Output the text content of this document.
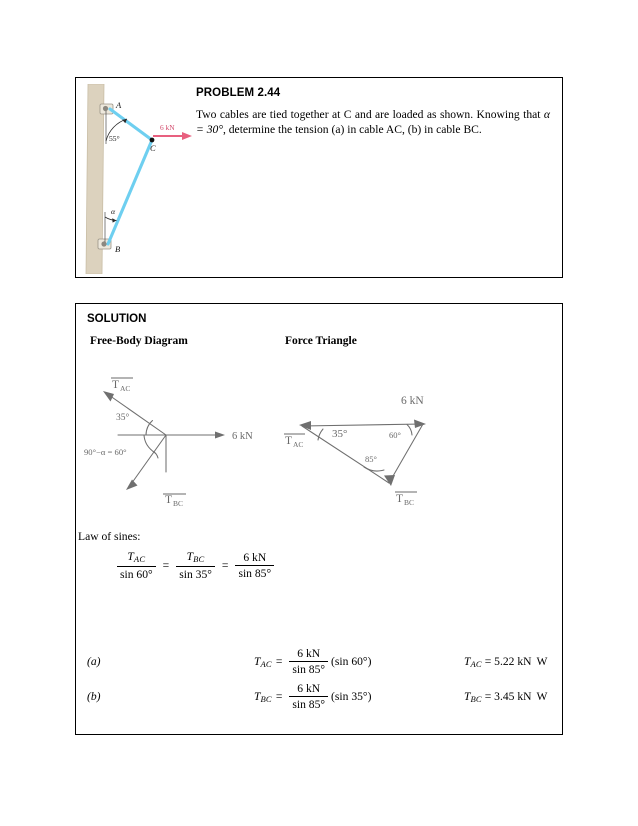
A
B
C
55°
α
6 kN
PROBLEM 2.44

Two cables are tied together at C and are loaded as shown. Knowing that α = 30°, determine the tension (a) in cable AC, (b) in cable BC.

SOLUTION
Free-Body Diagram	Force Triangle
T AC
T BC
35°
90°−α = 60°
6 kN
6 kN
T AC
T BC
35°	60°
85°
Law of sines:
$\frac{\text{TAC}}{\sin 60^\circ} = \frac{\text{TBC}}{\sin 35^\circ} = \frac{6 kN}{\sin 85^\circ}$
(a)	TAC = $\frac{6 kN}{\sin 85^\circ} (\sin$ 60°)	TAC = 5.22 kN W
(b)	TBC = $\frac{6 kN}{\sin 85^\circ} (\sin$ 35°)	TBC = 3.45 kN W
